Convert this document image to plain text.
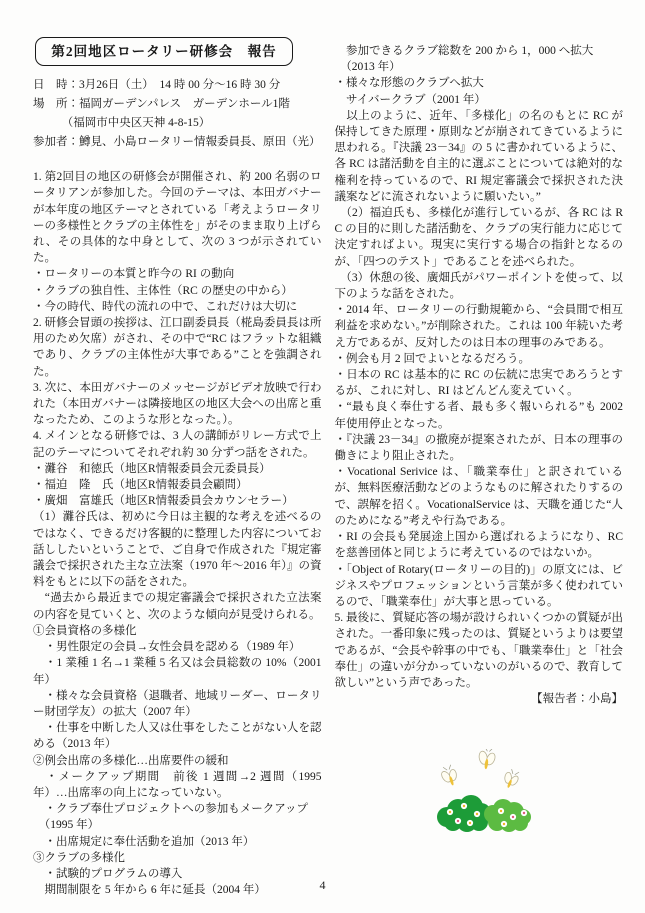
第2回地区ロータリー研修会　報告

日　時：3月26日（土）　14 時 00 分～16 時 30 分

場　所：福岡ガーデンパレス　ガーデンホール1階

　　　（福岡市中央区天神 4-8-15）

参加者：鱒見、小島ロータリー情報委員長、原田（光）

1. 第2回目の地区の研修会が開催され、約 200 名弱のロータリアンが参加した。今回のテーマは、本田ガバナーが本年度の地区テーマとされている「考えようロータリーの多様性とクラブの主体性を」がそのまま取り上げられ、その具体的な中身として、次の 3 つが示されていた。

・ロータリーの本質と昨今の RI の動向

・クラブの独自性、主体性（RC の歴史の中から）

・今の時代、時代の流れの中で、これだけは大切に

2. 研修会冒頭の挨拶は、江口副委員長（椛島委員長は所用のため欠席）がされ、その中で“RC はフラットな組織であり、クラブの主体性が大事である”ことを強調された。

3. 次に、本田ガバナーのメッセージがビデオ放映で行われた（本田ガバナーは隣接地区の地区大会への出席と重なったため、このような形となった。）。

4. メインとなる研修では、3 人の講師がリレー方式で上記のテーマについてそれぞれ約 30 分ずつ話をされた。

・灘谷　和徳氏（地区R情報委員会元委員長）

・福迫　隆　氏（地区R情報委員会顧問）

・廣畑　富雄氏（地区R情報委員会カウンセラー）

（1）灘谷氏は、初めに今日は主観的な考えを述べるのではなく、できるだけ客観的に整理した内容についてお話ししたいということで、ご自身で作成された『規定審議会で採択された主な立法案（1970 年～2016 年）』の資料をもとに以下の話をされた。

　“過去から最近までの規定審議会で採択された立法案の内容を見ていくと、次のような傾向が見受けられる。

①会員資格の多様化

　・男性限定の会員→女性会員を認める（1989 年）

　・1 業種 1 名→1 業種 5 名又は会員総数の 10%（2001年）

　・様々な会員資格（退職者、地域リーダー、ロータリー財団学友）の拡大（2007 年）

　・仕事を中断した人又は仕事をしたことがない人を認める（2013 年）

②例会出席の多様化…出席要件の緩和

　・メークアップ期間　前後 1 週間→2 週間（1995 年）…出席率の向上になっていない。

　・クラブ奉仕プロジェクトへの参加もメークアップ

　（1995 年）

　・出席規定に奉仕活動を追加（2013 年）

③クラブの多様化

　・試験的プログラムの導入

　期間制限を 5 年から 6 年に延長（2004 年）

　参加できるクラブ総数を 200 から 1，000 へ拡大

　（2013 年）

・様々な形態のクラブへ拡大

　サイバークラブ（2001 年）

　以上のように、近年、「多様化」の名のもとに RC が保持してきた原理・原則などが崩されてきているように思われる。『決議 23－34』の 5 に書かれているように、各 RC は諸活動を自主的に選ぶことについては絶対的な権利を持っているので、RI 規定審議会で採択された決議案などに流されないように願いたい。”

　（2）福迫氏も、多様化が進行しているが、各 RC は RC の目的に則した諸活動を、クラブの実行能力に応じて決定すればよい。現実に実行する場合の指針となるのが、「四つのテスト」であることを述べられた。

　（3）休憩の後、廣畑氏がパワーポイントを使って、以下のような話をされた。

・2014 年、ロータリーの行動規範から、“会員間で相互利益を求めない。”が削除された。これは 100 年続いた考え方であるが、反対したのは日本の理事のみである。

・例会も月 2 回でよいとなるだろう。

・日本の RC は基本的に RC の伝統に忠実であろうとするが、これに対し、RI はどんどん変えていく。

・“最も良く奉仕する者、最も多く報いられる”も 2002年使用停止となった。

・『決議 23－34』の撤廃が提案されたが、日本の理事の働きにより阻止された。

・Vocational Serivice は、「職業奉仕」と訳されているが、無料医療活動などのようなものに解されたりするので、誤解を招く。VocationalService は、天職を通じた“人のためになる”考えや行為である。

・RI の会長も発展途上国から選ばれるようになり、RC を慈善団体と同じように考えているのではないか。

・「Object of Rotary(ロータリーの目的)」の原文には、ビジネスやプロフェッションという言葉が多く使われているので、「職業奉仕」が大事と思っている。

5. 最後に、質疑応答の場が設けられいくつかの質疑が出された。一番印象に残ったのは、質疑というよりは要望であるが、“会長や幹事の中でも、「職業奉仕」と「社会奉仕」の違いが分かっていないのがいるので、教育して欲しい”という声であった。

【報告者：小島】

4
